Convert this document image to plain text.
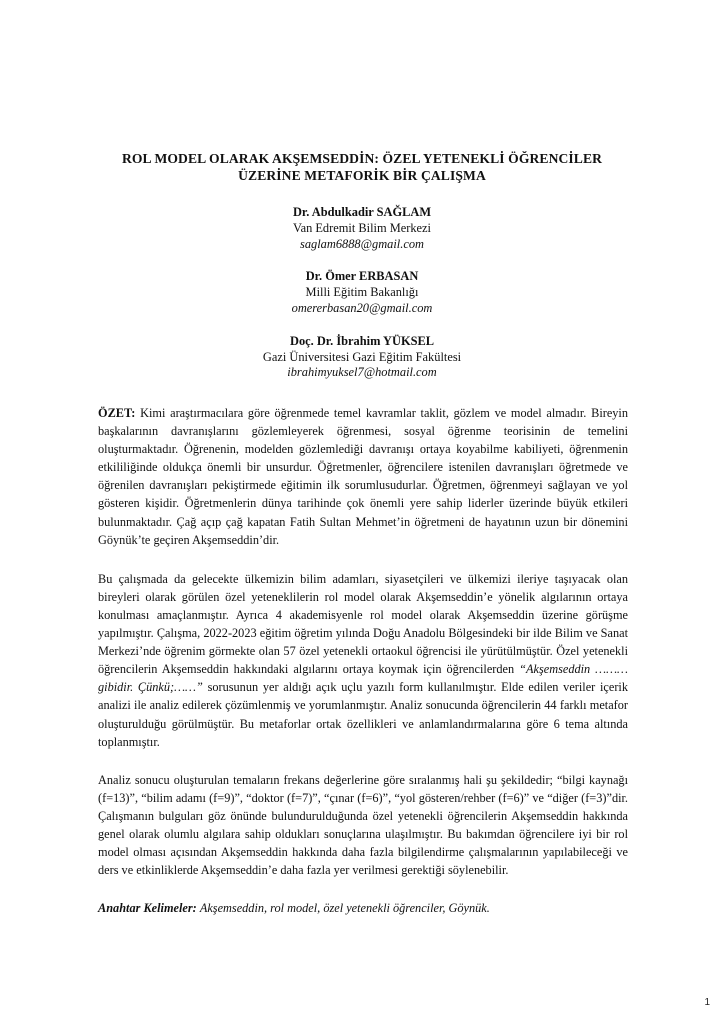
ROL MODEL OLARAK AKŞEMSEDDİN: ÖZEL YETENEKLİ ÖĞRENCİLER
ÜZERİNE METAFORİK BİR ÇALIŞMA
Dr. Abdulkadir SAĞLAM
Van Edremit Bilim Merkezi
saglam6888@gmail.com
Dr. Ömer ERBASAN
Milli Eğitim Bakanlığı
omererbasan20@gmail.com
Doç. Dr. İbrahim YÜKSEL
Gazi Üniversitesi Gazi Eğitim Fakültesi
ibrahimyuksel7@hotmail.com

ÖZET: Kimi araştırmacılara göre öğrenmede temel kavramlar taklit, gözlem ve model almadır. Bireyin başkalarının davranışlarını gözlemleyerek öğrenmesi, sosyal öğrenme teorisinin de temelini oluşturmaktadır. Öğrenenin, modelden gözlemlediği davranışı ortaya koyabilme kabiliyeti, öğrenmenin etkililiğinde oldukça önemli bir unsurdur. Öğretmenler, öğrencilere istenilen davranışları öğretmede ve öğrenilen davranışları pekiştirmede eğitimin ilk sorumlusudurlar. Öğretmen, öğrenmeyi sağlayan ve yol gösteren kişidir. Öğretmenlerin dünya tarihinde çok önemli yere sahip liderler üzerinde büyük etkileri bulunmaktadır. Çağ açıp çağ kapatan Fatih Sultan Mehmet’in öğretmeni de hayatının uzun bir dönemini Göynük’te geçiren Akşemseddin’dir.

Bu çalışmada da gelecekte ülkemizin bilim adamları, siyasetçileri ve ülkemizi ileriye taşıyacak olan bireyleri olarak görülen özel yeteneklilerin rol model olarak Akşemseddin’e yönelik algılarının ortaya konulması amaçlanmıştır. Ayrıca 4 akademisyenle rol model olarak Akşemseddin üzerine görüşme yapılmıştır. Çalışma, 2022-2023 eğitim öğretim yılında Doğu Anadolu Bölgesindeki bir ilde Bilim ve Sanat Merkezi’nde öğrenim görmekte olan 57 özel yetenekli ortaokul öğrencisi ile yürütülmüştür. Özel yetenekli öğrencilerin Akşemseddin hakkındaki algılarını ortaya koymak için öğrencilerden “Akşemseddin ………gibidir. Çünkü;……” sorusunun yer aldığı açık uçlu yazılı form kullanılmıştır. Elde edilen veriler içerik analizi ile analiz edilerek çözümlenmiş ve yorumlanmıştır. Analiz sonucunda öğrencilerin 44 farklı metafor oluşturulduğu görülmüştür. Bu metaforlar ortak özellikleri ve anlamlandırmalarına göre 6 tema altında toplanmıştır.

Analiz sonucu oluşturulan temaların frekans değerlerine göre sıralanmış hali şu şekildedir; “bilgi kaynağı (f=13)”, “bilim adamı (f=9)”, “doktor (f=7)”, “çınar (f=6)”, “yol gösteren/rehber (f=6)” ve “diğer (f=3)”dir. Çalışmanın bulguları göz önünde bulundurulduğunda özel yetenekli öğrencilerin Akşemseddin hakkında genel olarak olumlu algılara sahip oldukları sonuçlarına ulaşılmıştır. Bu bakımdan öğrencilere iyi bir rol model olması açısından Akşemseddin hakkında daha fazla bilgilendirme çalışmalarının yapılabileceği ve ders ve etkinliklerde Akşemseddin’e daha fazla yer verilmesi gerektiği söylenebilir.

Anahtar Kelimeler: Akşemseddin, rol model, özel yetenekli öğrenciler, Göynük.

1
